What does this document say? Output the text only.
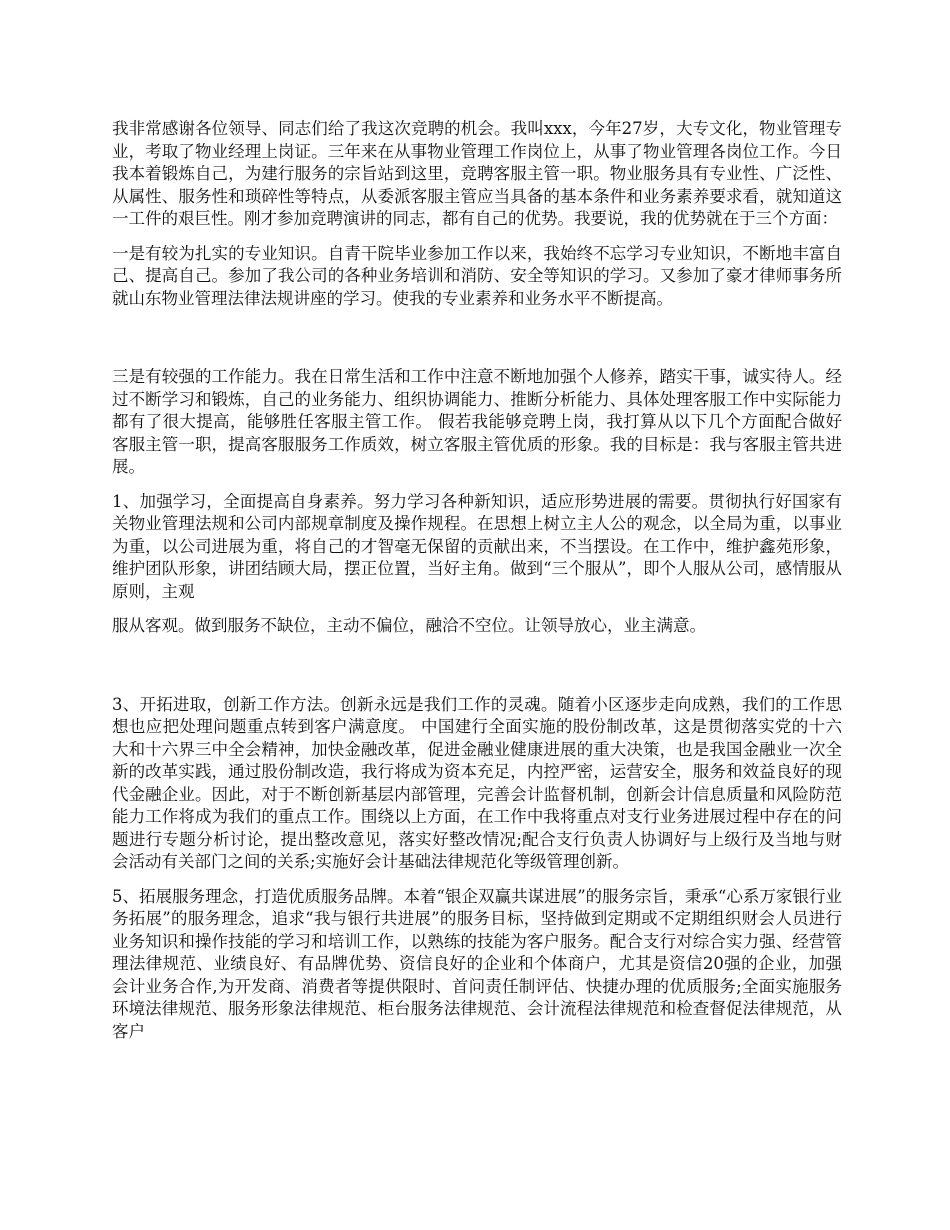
我非常感谢各位领导、同志们给了我这次竞聘的机会。我叫xxx，今年27岁，大专文化，物业管理专业，考取了物业经理上岗证。三年来在从事物业管理工作岗位上，从事了物业管理各岗位工作。今日我本着锻炼自己，为建行服务的宗旨站到这里，竞聘客服主管一职。物业服务具有专业性、广泛性、从属性、服务性和琐碎性等特点，从委派客服主管应当具备的基本条件和业务素养要求看，就知道这一工件的艰巨性。刚才参加竞聘演讲的同志，都有自己的优势。我要说，我的优势就在于三个方面：

一是有较为扎实的专业知识。自青干院毕业参加工作以来，我始终不忘学习专业知识，不断地丰富自己、提高自己。参加了我公司的各种业务培训和消防、安全等知识的学习。又参加了豪才律师事务所就山东物业管理法律法规讲座的学习。使我的专业素养和业务水平不断提高。

三是有较强的工作能力。我在日常生活和工作中注意不断地加强个人修养，踏实干事，诚实待人。经过不断学习和锻炼，自己的业务能力、组织协调能力、推断分析能力、具体处理客服工作中实际能力都有了很大提高，能够胜任客服主管工作。 假若我能够竞聘上岗，我打算从以下几个方面配合做好客服主管一职，提高客服服务工作质效，树立客服主管优质的形象。我的目标是：我与客服主管共进展。

1、加强学习，全面提高自身素养。努力学习各种新知识，适应形势进展的需要。贯彻执行好国家有关物业管理法规和公司内部规章制度及操作规程。在思想上树立主人公的观念，以全局为重，以事业为重，以公司进展为重，将自己的才智毫无保留的贡献出来，不当摆设。在工作中，维护鑫苑形象，维护团队形象，讲团结顾大局，摆正位置，当好主角。做到“三个服从”，即个人服从公司，感情服从原则，主观

服从客观。做到服务不缺位，主动不偏位，融洽不空位。让领导放心，业主满意。

3、开拓进取，创新工作方法。创新永远是我们工作的灵魂。随着小区逐步走向成熟，我们的工作思想也应把处理问题重点转到客户满意度。 中国建行全面实施的股份制改革，这是贯彻落实党的十六大和十六界三中全会精神，加快金融改革，促进金融业健康进展的重大决策，也是我国金融业一次全新的改革实践，通过股份制改造，我行将成为资本充足，内控严密，运营安全，服务和效益良好的现代金融企业。因此，对于不断创新基层内部管理，完善会计监督机制，创新会计信息质量和风险防范能力工作将成为我们的重点工作。围绕以上方面，在工作中我将重点对支行业务进展过程中存在的问题进行专题分析讨论，提出整改意见，落实好整改情况;配合支行负责人协调好与上级行及当地与财会活动有关部门之间的关系;实施好会计基础法律规范化等级管理创新。

5、拓展服务理念，打造优质服务品牌。本着“银企双赢共谋进展”的服务宗旨，秉承“心系万家银行业务拓展”的服务理念，追求“我与银行共进展”的服务目标，坚持做到定期或不定期组织财会人员进行业务知识和操作技能的学习和培训工作，以熟练的技能为客户服务。配合支行对综合实力强、经营管理法律规范、业绩良好、有品牌优势、资信良好的企业和个体商户，尤其是资信20强的企业，加强会计业务合作,为开发商、消费者等提供限时、首问责任制评估、快捷办理的优质服务;全面实施服务环境法律规范、服务形象法律规范、柜台服务法律规范、会计流程法律规范和检查督促法律规范，从客户
